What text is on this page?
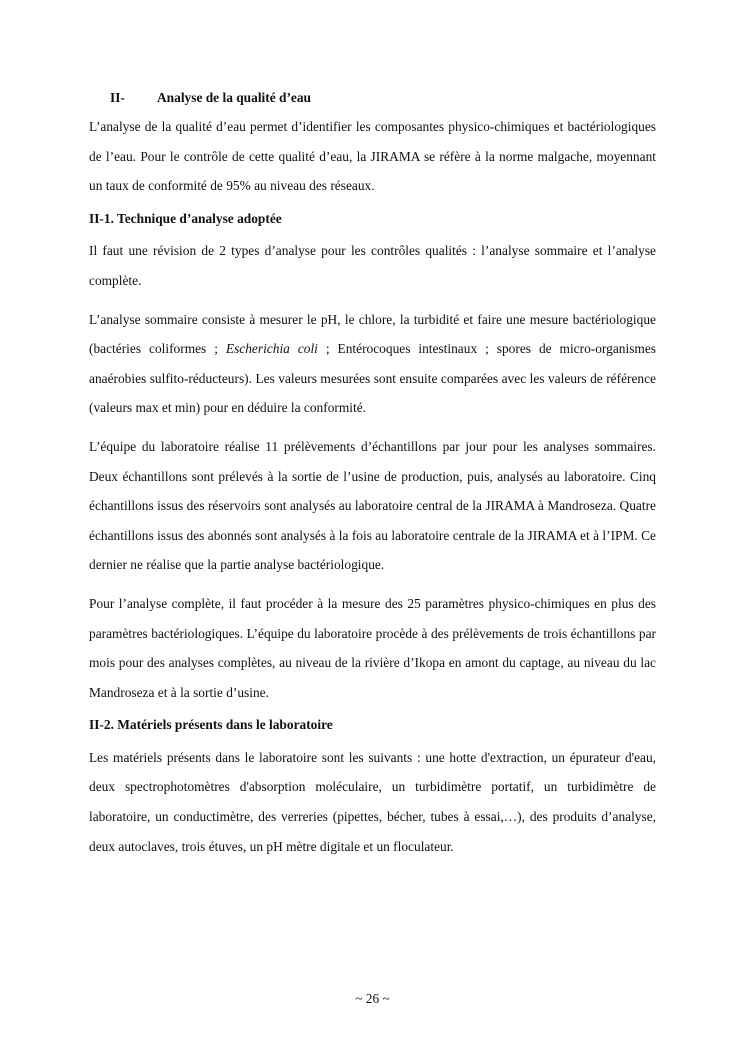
II- Analyse de la qualité d’eau

L’analyse de la qualité d’eau permet d’identifier les composantes physico-chimiques et bactériologiques de l’eau. Pour le contrôle de cette qualité d’eau, la JIRAMA se réfère à la norme malgache, moyennant un taux de conformité de 95% au niveau des réseaux.

II-1. Technique d’analyse adoptée

Il faut une révision de 2 types d’analyse pour les contrôles qualités : l’analyse sommaire et l’analyse complète.

L’analyse sommaire consiste à mesurer le pH, le chlore, la turbidité et faire une mesure bactériologique (bactéries coliformes ; Escherichia coli ; Entérocoques intestinaux ; spores de micro-organismes anaérobies sulfito-réducteurs). Les valeurs mesurées sont ensuite comparées avec les valeurs de référence (valeurs max et min) pour en déduire la conformité.

L’équipe du laboratoire réalise 11 prélèvements d’échantillons par jour pour les analyses sommaires. Deux échantillons sont prélevés à la sortie de l’usine de production, puis, analysés au laboratoire. Cinq échantillons issus des réservoirs sont analysés au laboratoire central de la JIRAMA à Mandroseza. Quatre échantillons issus des abonnés sont analysés à la fois au laboratoire centrale de la JIRAMA et à l’IPM. Ce dernier ne réalise que la partie analyse bactériologique.

Pour l’analyse complète, il faut procéder à la mesure des 25 paramètres physico-chimiques en plus des paramètres bactériologiques. L’équipe du laboratoire procède à des prélèvements de trois échantillons par mois pour des analyses complètes, au niveau de la rivière d’Ikopa en amont du captage, au niveau du lac Mandroseza et à la sortie d’usine.

II-2. Matériels présents dans le laboratoire

Les matériels présents dans le laboratoire sont les suivants : une hotte d'extraction, un épurateur d'eau, deux spectrophotomètres d'absorption moléculaire, un turbidimètre portatif, un turbidimètre de laboratoire, un conductimètre, des verreries (pipettes, bécher, tubes à essai,…), des produits d’analyse, deux autoclaves, trois étuves, un pH mètre digitale et un floculateur.

~ 26 ~
